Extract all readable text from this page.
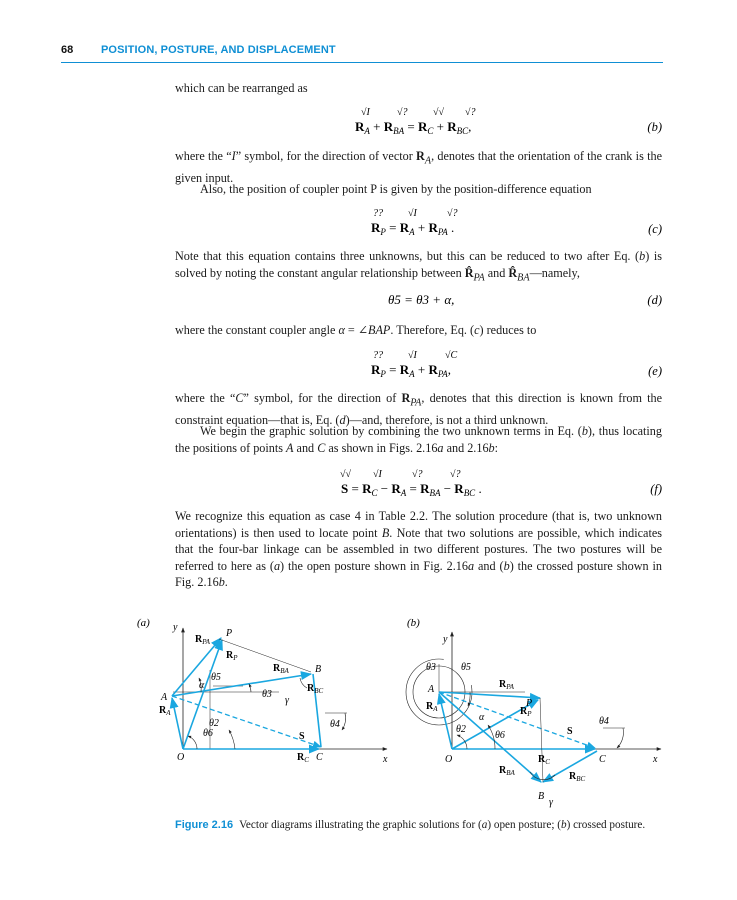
68	POSITION, POSTURE, AND DISPLACEMENT

which can be rearranged as

√I	√?	√√ √?
$R_A + R_{BA} = R_C + R_{BC}$,	(b)

where the “I” symbol, for the direction of vector $R_A$, denotes that the orientation of the crank is the given input.

Also, the position of coupler point P is given by the position-difference equation

??	√I	√?
$R_P = R_A + R_{PA}$ .	(c)

Note that this equation contains three unknowns, but this can be reduced to two after Eq. (b) is solved by noting the constant angular relationship between $R̂_{PA}$ and $R̂_{BA}—namely$,

θ5 = θ3 + α,	(d)

where the constant coupler angle α = ∠BAP. Therefore, Eq. (c) reduces to

??	√I	√C
$R_P = R_A + R_{PA}$,	(e)

where the “C” symbol, for the direction of $R_{PA}$, denotes that this direction is known from the constraint equation—that is, Eq. (d)—and, therefore, is not a third unknown.

We begin the graphic solution by combining the two unknown terms in Eq. (b), thus locating the positions of points A and C as shown in Figs. 2.16a and 2.16b:

√√ √I	√?	√?
$S = R_C - R_A = R_{BA} - R_{BC}$ .	(f)

We recognize this equation as case 4 in Table 2.2. The solution procedure (that is, two unknown orientations) is then used to locate point B. Note that two solutions are possible, which indicates that the four-bar linkage can be assembled in two different postures. The two postures will be referred to here as (a) the open posture shown in Fig. 2.16a and (b) the crossed posture shown in Fig. 2.16b.

(a) y
x
P
A
B
O	C
α
θ5
θ3
θ2
θ6
θ4
γ
$R_{PA}$
$R_P$
$R_{BA}$
$R_{BC}$
$R_A$
$R_C$
S
(b)
y
x
A
P
B
O	C
θ3	θ5
α
θ2
θ6
θ4
γ
$R_{PA}$
$R_P$
$R_A$
$R_{BA}$	$R_{BC}$
$R_C$
S

Figure 2.16 Vector diagrams illustrating the graphic solutions for (a) open posture; (b) crossed posture.
